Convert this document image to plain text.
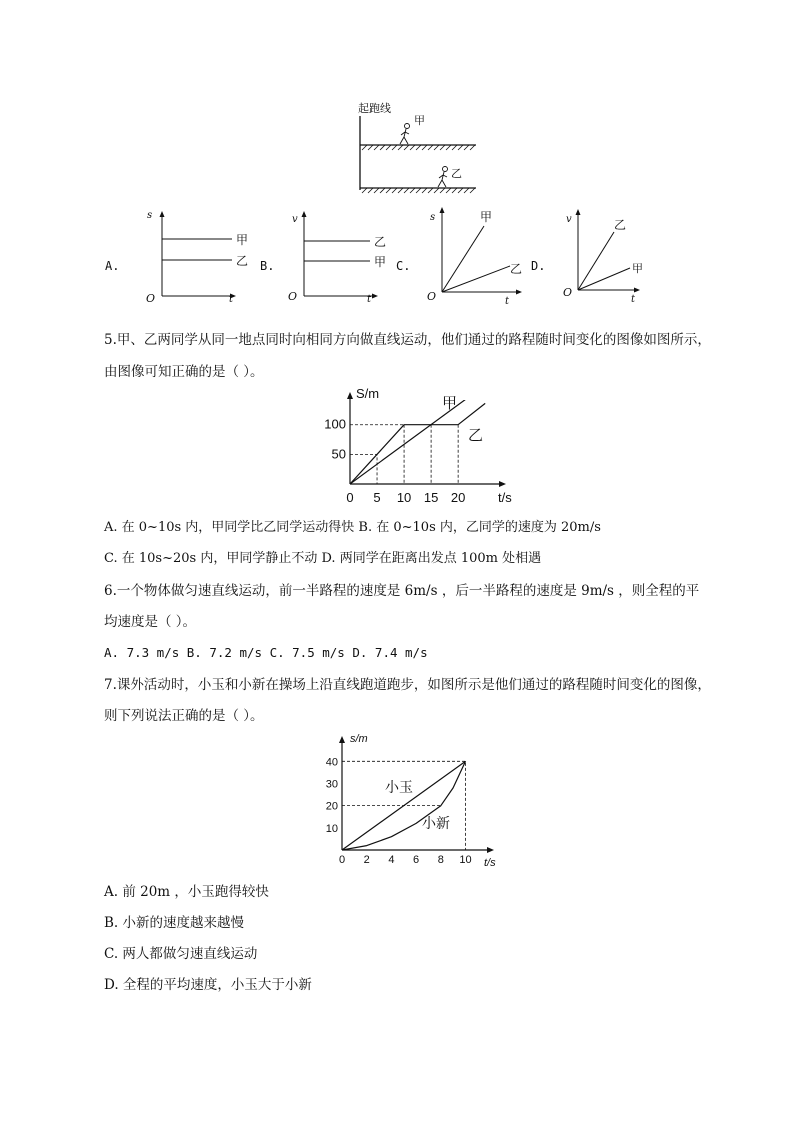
起跑线
甲
乙
A.
s
t
O
甲
乙 B.
v
t
O
乙
甲 C.
s
t
O
甲
乙 D.
v
t
O
乙
甲
5.甲、乙两同学从同一地点同时向相同方向做直线运动，他们通过的路程随时间变化的图像如图所示，
由图像可知正确的是（ ）。
0 5 10 15 20
50
100
S/m
t/s
甲
乙
A. 在 0~10s 内，甲同学比乙同学运动得快 B. 在 0~10s 内，乙同学的速度为 20m/s
C. 在 10s~20s 内，甲同学静止不动 D. 两同学在距离出发点 100m 处相遇
6.一个物体做匀速直线运动，前一半路程的速度是 6m/s ，后一半路程的速度是 9m/s ，则全程的平
均速度是（ ）。
A. 7.3 m/s B. 7.2 m/s C. 7.5 m/s D. 7.4 m/s
7.课外活动时，小玉和小新在操场上沿直线跑道跑步，如图所示是他们通过的路程随时间变化的图像，
则下列说法正确的是（ ）。
0 2 4 6 8 10
10
20
30
40
s/m
t/s
小玉
小新
A. 前 20m ，小玉跑得较快
B. 小新的速度越来越慢
C. 两人都做匀速直线运动
D. 全程的平均速度，小玉大于小新
